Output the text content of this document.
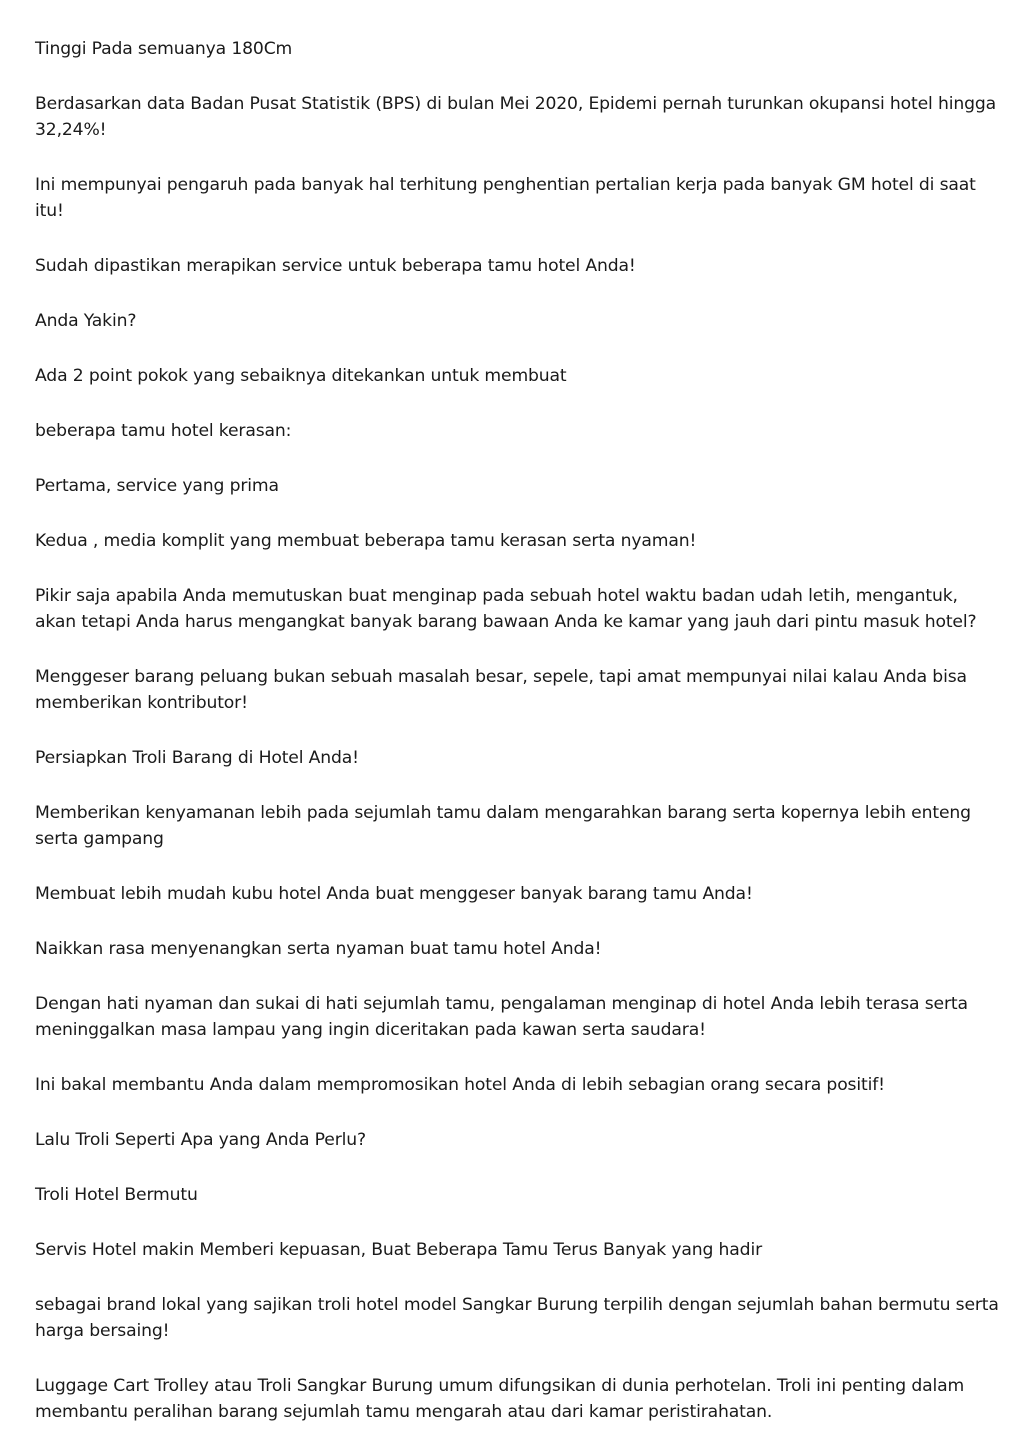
Tinggi Pada semuanya 180Cm

Berdasarkan data Badan Pusat Statistik (BPS) di bulan Mei 2020, Epidemi pernah turunkan okupansi hotel hingga 32,24%!

Ini mempunyai pengaruh pada banyak hal terhitung penghentian pertalian kerja pada banyak GM hotel di saat itu!

Sudah dipastikan merapikan service untuk beberapa tamu hotel Anda!

Anda Yakin?

Ada 2 point pokok yang sebaiknya ditekankan untuk membuat

beberapa tamu hotel kerasan:

Pertama, service yang prima

Kedua , media komplit yang membuat beberapa tamu kerasan serta nyaman!

Pikir saja apabila Anda memutuskan buat menginap pada sebuah hotel waktu badan udah letih, mengantuk, akan tetapi Anda harus mengangkat banyak barang bawaan Anda ke kamar yang jauh dari pintu masuk hotel?

Menggeser barang peluang bukan sebuah masalah besar, sepele, tapi amat mempunyai nilai kalau Anda bisa memberikan kontributor!

Persiapkan Troli Barang di Hotel Anda!

Memberikan kenyamanan lebih pada sejumlah tamu dalam mengarahkan barang serta kopernya lebih enteng serta gampang

Membuat lebih mudah kubu hotel Anda buat menggeser banyak barang tamu Anda!

Naikkan rasa menyenangkan serta nyaman buat tamu hotel Anda!

Dengan hati nyaman dan sukai di hati sejumlah tamu, pengalaman menginap di hotel Anda lebih terasa serta meninggalkan masa lampau yang ingin diceritakan pada kawan serta saudara!

Ini bakal membantu Anda dalam mempromosikan hotel Anda di lebih sebagian orang secara positif!

Lalu Troli Seperti Apa yang Anda Perlu?

Troli Hotel Bermutu

Servis Hotel makin Memberi kepuasan, Buat Beberapa Tamu Terus Banyak yang hadir

sebagai brand lokal yang sajikan troli hotel model Sangkar Burung terpilih dengan sejumlah bahan bermutu serta harga bersaing!

Luggage Cart Trolley atau Troli Sangkar Burung umum difungsikan di dunia perhotelan. Troli ini penting dalam membantu peralihan barang sejumlah tamu mengarah atau dari kamar peristirahatan.
